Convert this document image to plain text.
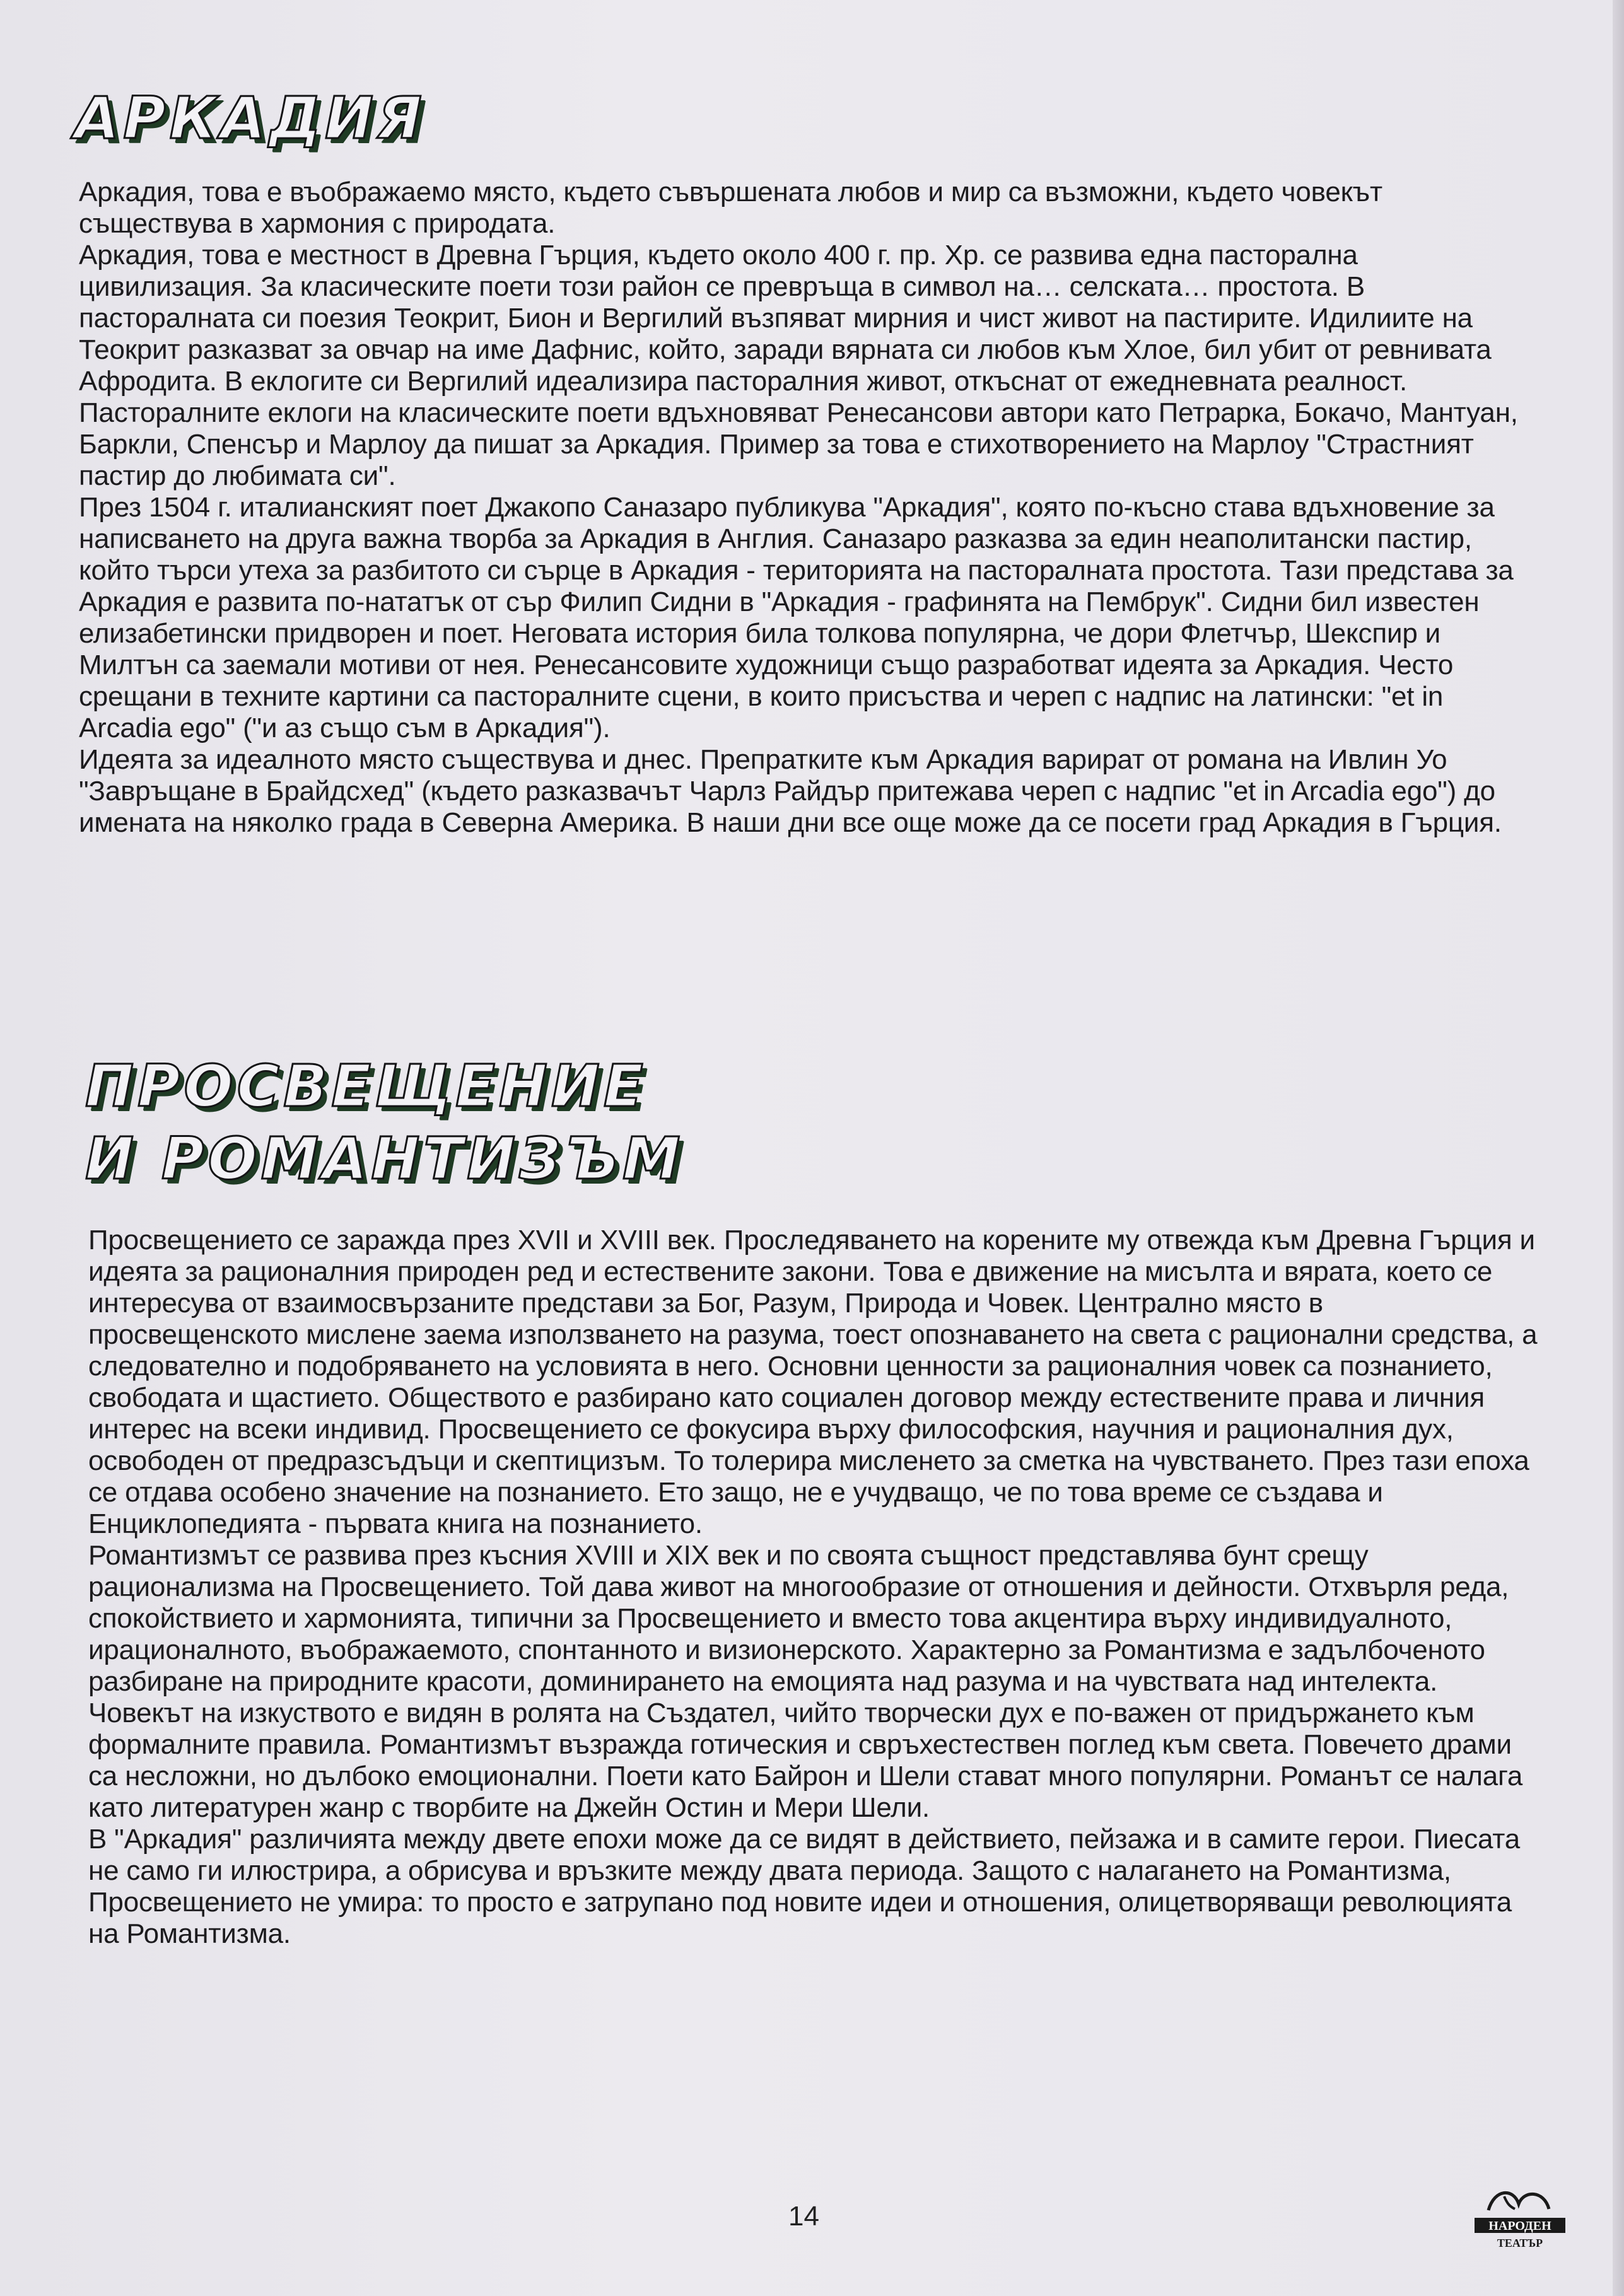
АРКАДИЯ

Аркадия, това е въображаемо място, където съвършената любов и мир са възможни, където човекът съществува в хармония с природата.

Аркадия, това е местност в Древна Гърция, където около 400 г. пр. Хр. се развива една пасторална цивилизация. За класическите поети този район се превръща в символ на… селската… простота. В пасторалната си поезия Теокрит, Бион и Вергилий възпяват мирния и чист живот на пастирите. Идилиите на Теокрит разказват за овчар на име Дафнис, който, заради вярната си любов към Хлое, бил убит от ревнивата Афродита. В еклогите си Вергилий идеализира пасторалния живот, откъснат от ежедневната реалност. Пасторалните еклоги на класическите поети вдъхновяват Ренесансови автори като Петрарка, Бокачо, Мантуан, Баркли, Спенсър и Марлоу да пишат за Аркадия. Пример за това е стихотворението на Марлоу "Страстният пастир до любимата си".

През 1504 г. италианският поет Джакопо Саназаро публикува "Аркадия", която по-късно става вдъхновение за написването на друга важна творба за Аркадия в Англия. Саназаро разказва за един неаполитански пастир, който търси утеха за разбитото си сърце в Аркадия - територията на пасторалната простота. Тази представа за Аркадия е развита по-нататък от сър Филип Сидни в "Аркадия - графинята на Пембрук". Сидни бил известен елизабетински придворен и поет. Неговата история била толкова популярна, че дори Флетчър, Шекспир и Милтън са заемали мотиви от нея. Ренесансовите художници също разработват идеята за Аркадия. Често срещани в техните картини са пасторалните сцени, в които присъства и череп с надпис на латински: "et in Arcadia ego" ("и аз също съм в Аркадия").

Идеята за идеалното място съществува и днес. Препратките към Аркадия варират от романа на Ивлин Уо "Завръщане в Брайдсхед" (където разказвачът Чарлз Райдър притежава череп с надпис "et in Arcadia ego") до имената на няколко града в Северна Америка. В наши дни все още може да се посети град Аркадия в Гърция.

ПРОСВЕЩЕНИЕ
И РОМАНТИЗЪМ

Просвещението се заражда през XVII и XVIII век. Проследяването на корените му отвежда към Древна Гърция и идеята за рационалния природен ред и естествените закони. Това е движение на мисълта и вярата, което се интересува от взаимосвързаните представи за Бог, Разум, Природа и Човек. Централно място в просвещенското мислене заема използването на разума, тоест опознаването на света с рационални средства, а следователно и подобряването на условията в него. Основни ценности за рационалния човек са познанието, свободата и щастието. Обществото е разбирано като социален договор между естествените права и личния интерес на всеки индивид. Просвещението се фокусира върху философския, научния и рационалния дух, освободен от предразсъдъци и скептицизъм. То толерира мисленето за сметка на чувстването. През тази епоха се отдава особено значение на познанието. Ето защо, не е учудващо, че по това време се създава и Енциклопедията - първата книга на познанието.

Романтизмът се развива през късния XVIII и XIX век и по своята същност представлява бунт срещу рационализма на Просвещението. Той дава живот на многообразие от отношения и дейности. Отхвърля реда, спокойствието и хармонията, типични за Просвещението и вместо това акцентира върху индивидуалното, ирационалното, въображаемото, спонтанното и визионерското. Характерно за Романтизма е задълбоченото разбиране на природните красоти, доминирането на емоцията над разума и на чувствата над интелекта. Човекът на изкуството е видян в ролята на Създател, чийто творчески дух е по-важен от придържането към формалните правила. Романтизмът възражда готическия и свръхестествен поглед към света. Повечето драми са несложни, но дълбоко емоционални. Поети като Байрон и Шели стават много популярни. Романът се налага като литературен жанр с творбите на Джейн Остин и Мери Шели.

В "Аркадия" различията между двете епохи може да се видят в действието, пейзажа и в самите герои. Пиесата не само ги илюстрира, а обрисува и връзките между двата периода. Защото с налагането на Романтизма, Просвещението не умира: то просто е затрупано под новите идеи и отношения, олицетворяващи революцията на Романтизма.

14	НАРОДЕН
ТЕАТЪР
